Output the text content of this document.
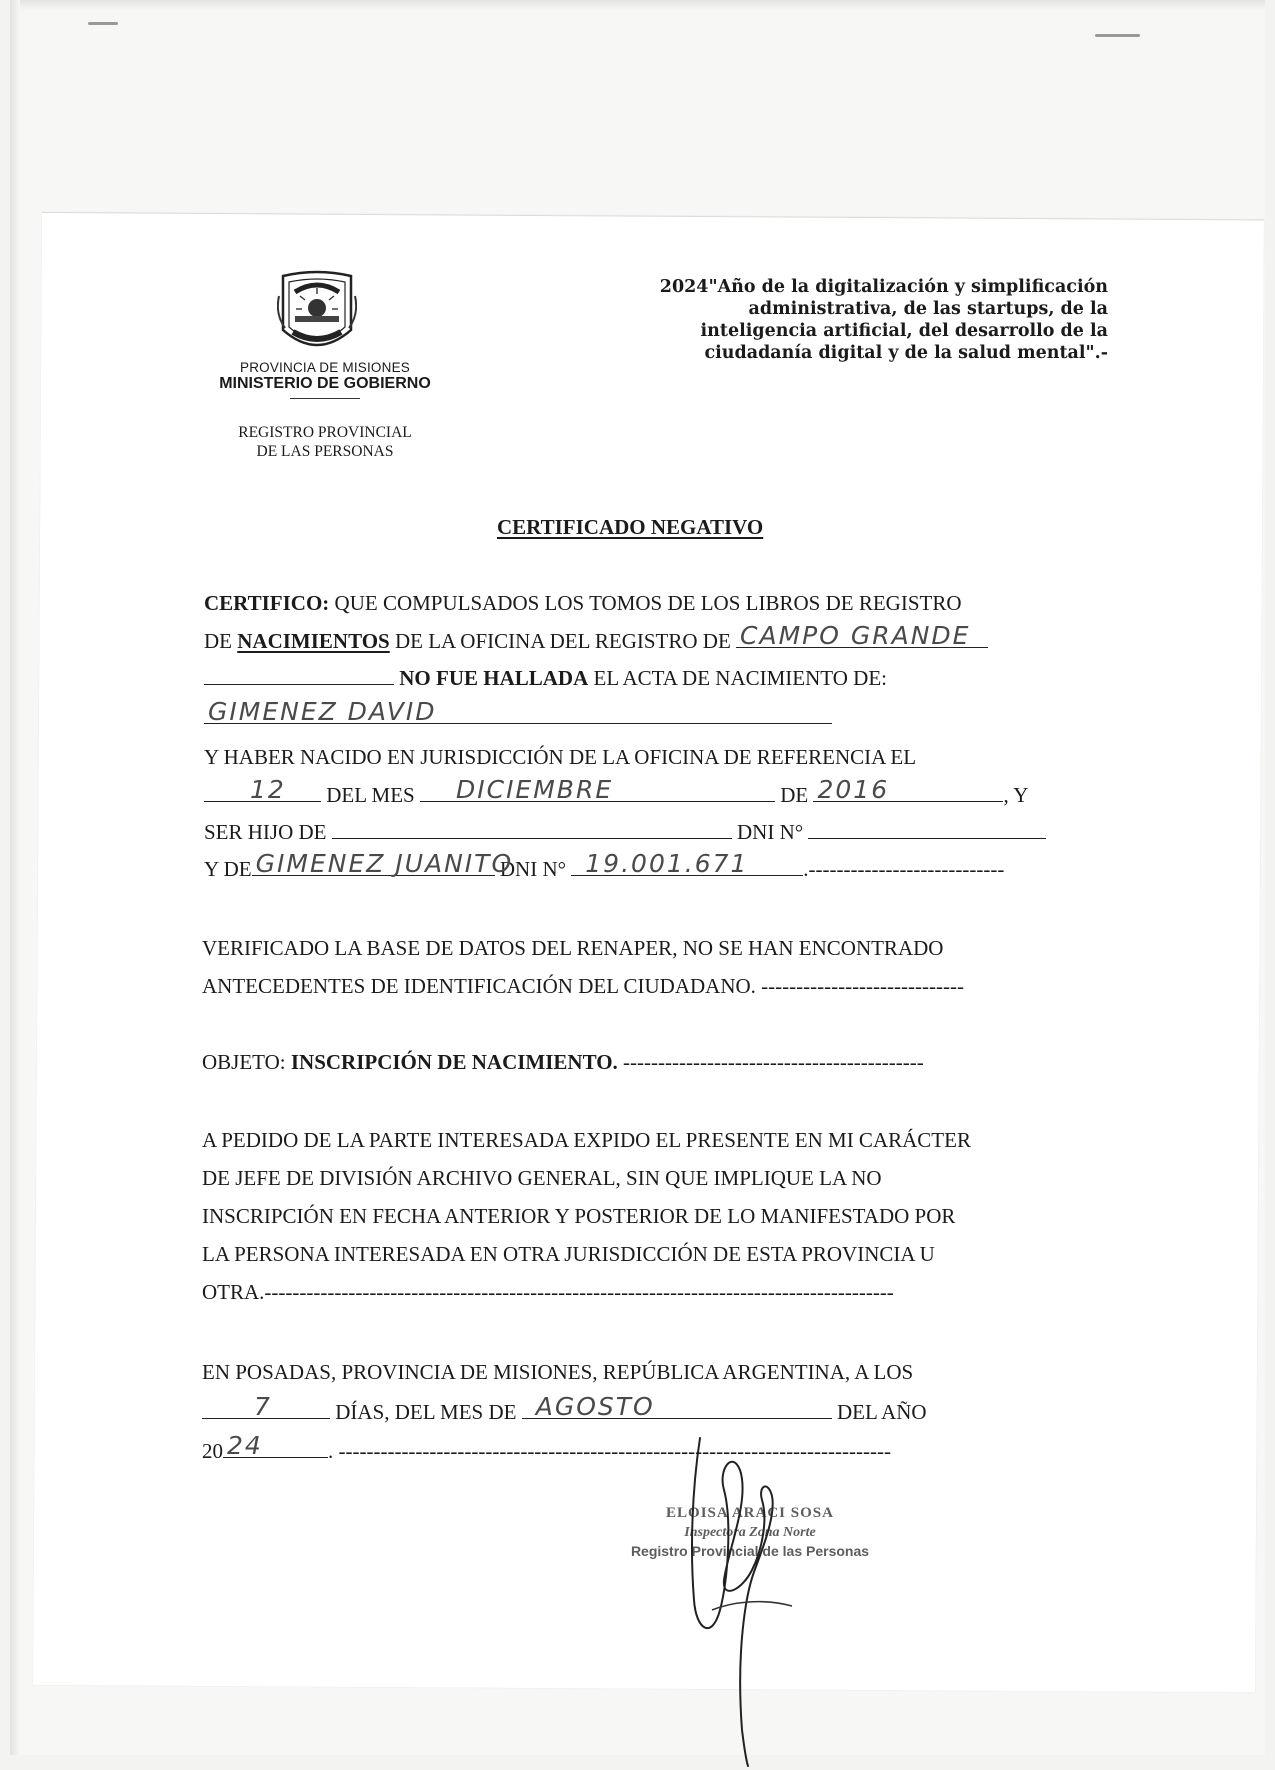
PROVINCIA DE MISIONES
MINISTERIO DE GOBIERNO
REGISTRO PROVINCIAL
DE LAS PERSONAS
2024"Año de la digitalización y simplificación
administrativa, de las startups, de la
inteligencia artificial, del desarrollo de la
ciudadanía digital y de la salud mental".-
CERTIFICADO NEGATIVO
CERTIFICO: QUE COMPULSADOS LOS TOMOS DE LOS LIBROS DE REGISTRO
DE NACIMIENTOS DE LA OFICINA DEL REGISTRO DE CAMPO GRANDE
NO FUE HALLADA EL ACTA DE NACIMIENTO DE:
GIMENEZ DAVID
Y HABER NACIDO EN JURISDICCIÓN DE LA OFICINA DE REFERENCIA EL
12 DEL MES DICIEMBRE	DE 2016	, Y
SER HIJO DE	DNI N°
Y DE GIMENEZ JUANITO
DNI N° 19.001.671	.----------------------------
VERIFICADO LA BASE DE DATOS DEL RENAPER, NO SE HAN ENCONTRADO
ANTECEDENTES DE IDENTIFICACIÓN DEL CIUDADANO. -----------------------------
OBJETO: INSCRIPCIÓN DE NACIMIENTO. -------------------------------------------
A PEDIDO DE LA PARTE INTERESADA EXPIDO EL PRESENTE EN MI CARÁCTER
DE JEFE DE DIVISIÓN ARCHIVO GENERAL, SIN QUE IMPLIQUE LA NO
INSCRIPCIÓN EN FECHA ANTERIOR Y POSTERIOR DE LO MANIFESTADO POR
LA PERSONA INTERESADA EN OTRA JURISDICCIÓN DE ESTA PROVINCIA U
OTRA.------------------------------------------------------------------------------------------
EN POSADAS, PROVINCIA DE MISIONES, REPÚBLICA ARGENTINA, A LOS
7	DÍAS, DEL MES DE AGOSTO	DEL AÑO
20 24	. -------------------------------------------------------------------------------
ELOISA ARACI SOSA
Inspectora Zona Norte
Registro Provincial de las Personas
